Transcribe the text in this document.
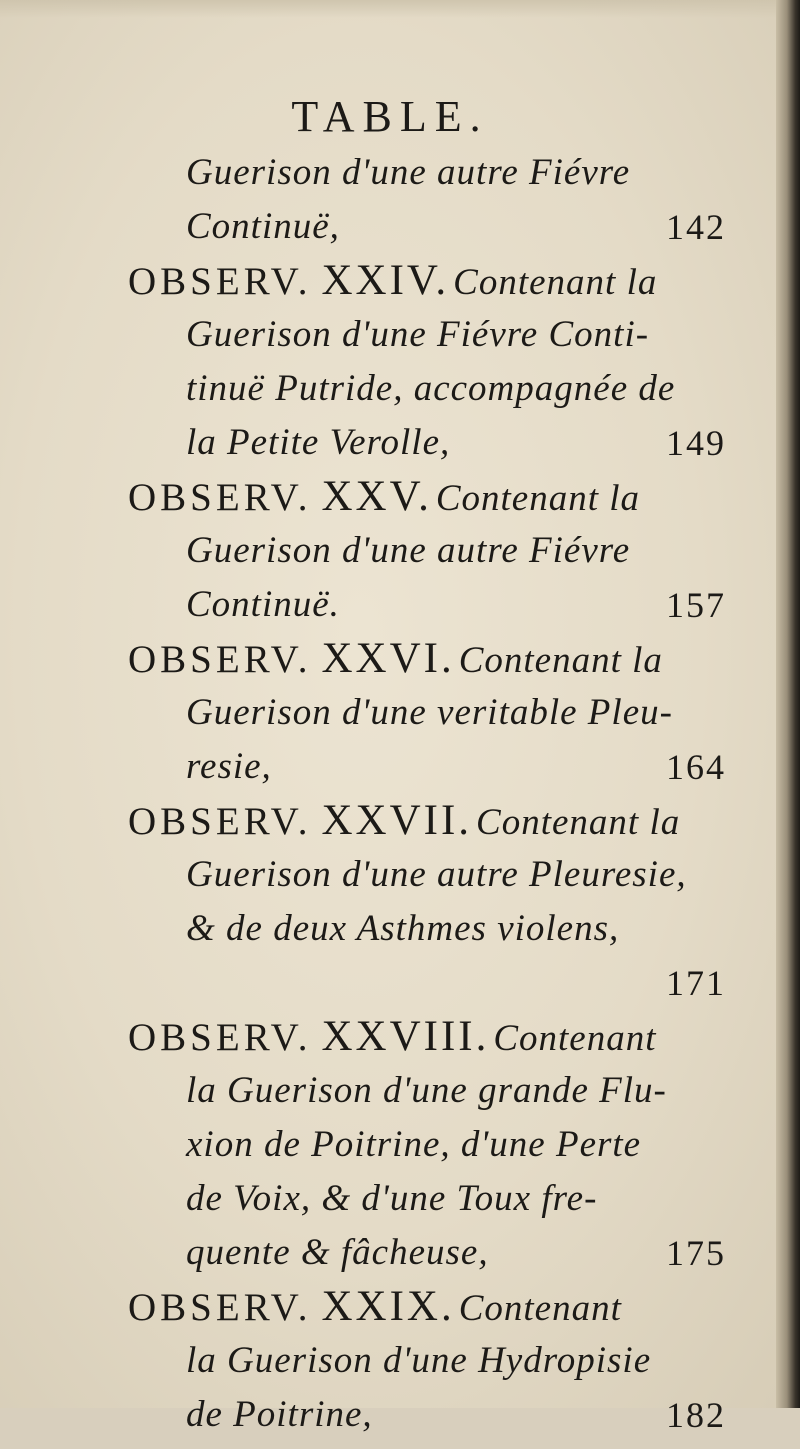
TABLE.
Guerison d'une autre Fiévre
Continuë,	142
OBSERV. XXIV. Contenant la
Guerison d'une Fiévre Conti-
tinuë Putride, accompagnée de
la Petite Verolle,	149
OBSERV. XXV. Contenant la
Guerison d'une autre Fiévre
Continuë.	157
OBSERV. XXVI. Contenant la
Guerison d'une veritable Pleu-
resie,	164
OBSERV. XXVII. Contenant la
Guerison d'une autre Pleuresie,
& de deux Asthmes violens,
171
OBSERV. XXVIII. Contenant
la Guerison d'une grande Flu-
xion de Poitrine, d'une Perte
de Voix, & d'une Toux fre-
quente & fâcheuse,	175
OBSERV. XXIX. Contenant
la Guerison d'une Hydropisie
de Poitrine,	182
